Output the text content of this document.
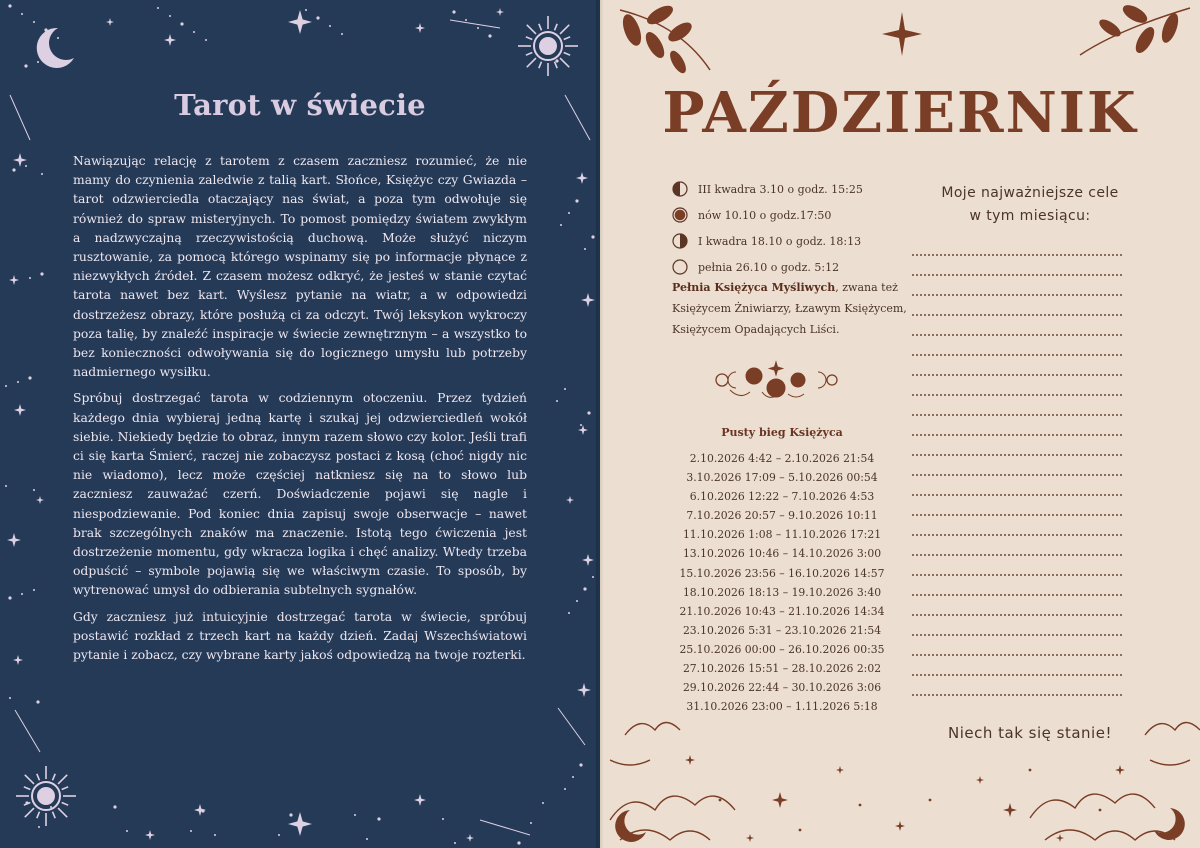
Tarot w świecie

Nawiązując relację z tarotem z czasem zaczniesz rozumieć, że nie mamy do czynienia zaledwie z talią kart. Słońce, Księżyc czy Gwiazda – tarot odzwierciedla otaczający nas świat, a poza tym odwołuje się również do spraw misteryjnych. To pomost pomiędzy światem zwykłym a nadzwyczajną rzeczywistością duchową. Może służyć niczym rusztowanie, za pomocą którego wspinamy się po informacje płynące z niezwykłych źródeł. Z czasem możesz odkryć, że jesteś w stanie czytać tarota nawet bez kart. Wyślesz pytanie na wiatr, a w odpowiedzi dostrzeżesz obrazy, które posłużą ci za odczyt. Twój leksykon wykroczy poza talię, by znaleźć inspiracje w świecie zewnętrznym – a wszystko to bez konieczności odwoływania się do logicznego umysłu lub potrzeby nadmiernego wysiłku.

Spróbuj dostrzegać tarota w codziennym otoczeniu. Przez tydzień każdego dnia wybieraj jedną kartę i szukaj jej odzwierciedleń wokół siebie. Niekiedy będzie to obraz, innym razem słowo czy kolor. Jeśli trafi ci się karta Śmierć, raczej nie zobaczysz postaci z kosą (choć nigdy nic nie wiadomo), lecz może częściej natkniesz się na to słowo lub zaczniesz zauważać czerń. Doświadczenie pojawi się nagle i niespodziewanie. Pod koniec dnia zapisuj swoje obserwacje – nawet brak szczególnych znaków ma znaczenie. Istotą tego ćwiczenia jest dostrzeżenie momentu, gdy wkracza logika i chęć analizy. Wtedy trzeba odpuścić – symbole pojawią się we właściwym czasie. To sposób, by wytrenować umysł do odbierania subtelnych sygnałów.

Gdy zaczniesz już intuicyjnie dostrzegać tarota w świecie, spróbuj postawić rozkład z trzech kart na każdy dzień. Zadaj Wszechświatowi pytanie i zobacz, czy wybrane karty jakoś odpowiedzą na twoje rozterki.

PAŹDZIERNIK
III kwadra 3.10 o godz. 15:25
nów 10.10 o godz.17:50
I kwadra 18.10 o godz. 18:13
pełnia 26.10 o godz. 5:12
Pełnia Księżyca Myśliwych, zwana też Księżycem Żniwiarzy, Łzawym Księżycem, Księżycem Opadających Liści.
Pusty bieg Księżyca
2.10.2026 4:42 – 2.10.2026 21:54
3.10.2026 17:09 – 5.10.2026 00:54
6.10.2026 12:22 – 7.10.2026 4:53
7.10.2026 20:57 – 9.10.2026 10:11
11.10.2026 1:08 – 11.10.2026 17:21
13.10.2026 10:46 – 14.10.2026 3:00
15.10.2026 23:56 – 16.10.2026 14:57
18.10.2026 18:13 – 19.10.2026 3:40
21.10.2026 10:43 – 21.10.2026 14:34
23.10.2026 5:31 – 23.10.2026 21:54
25.10.2026 00:00 – 26.10.2026 00:35
27.10.2026 15:51 – 28.10.2026 2:02
29.10.2026 22:44 – 30.10.2026 3:06
31.10.2026 23:00 – 1.11.2026 5:18
Moje najważniejsze cele
w tym miesiącu:
Niech tak się stanie!
